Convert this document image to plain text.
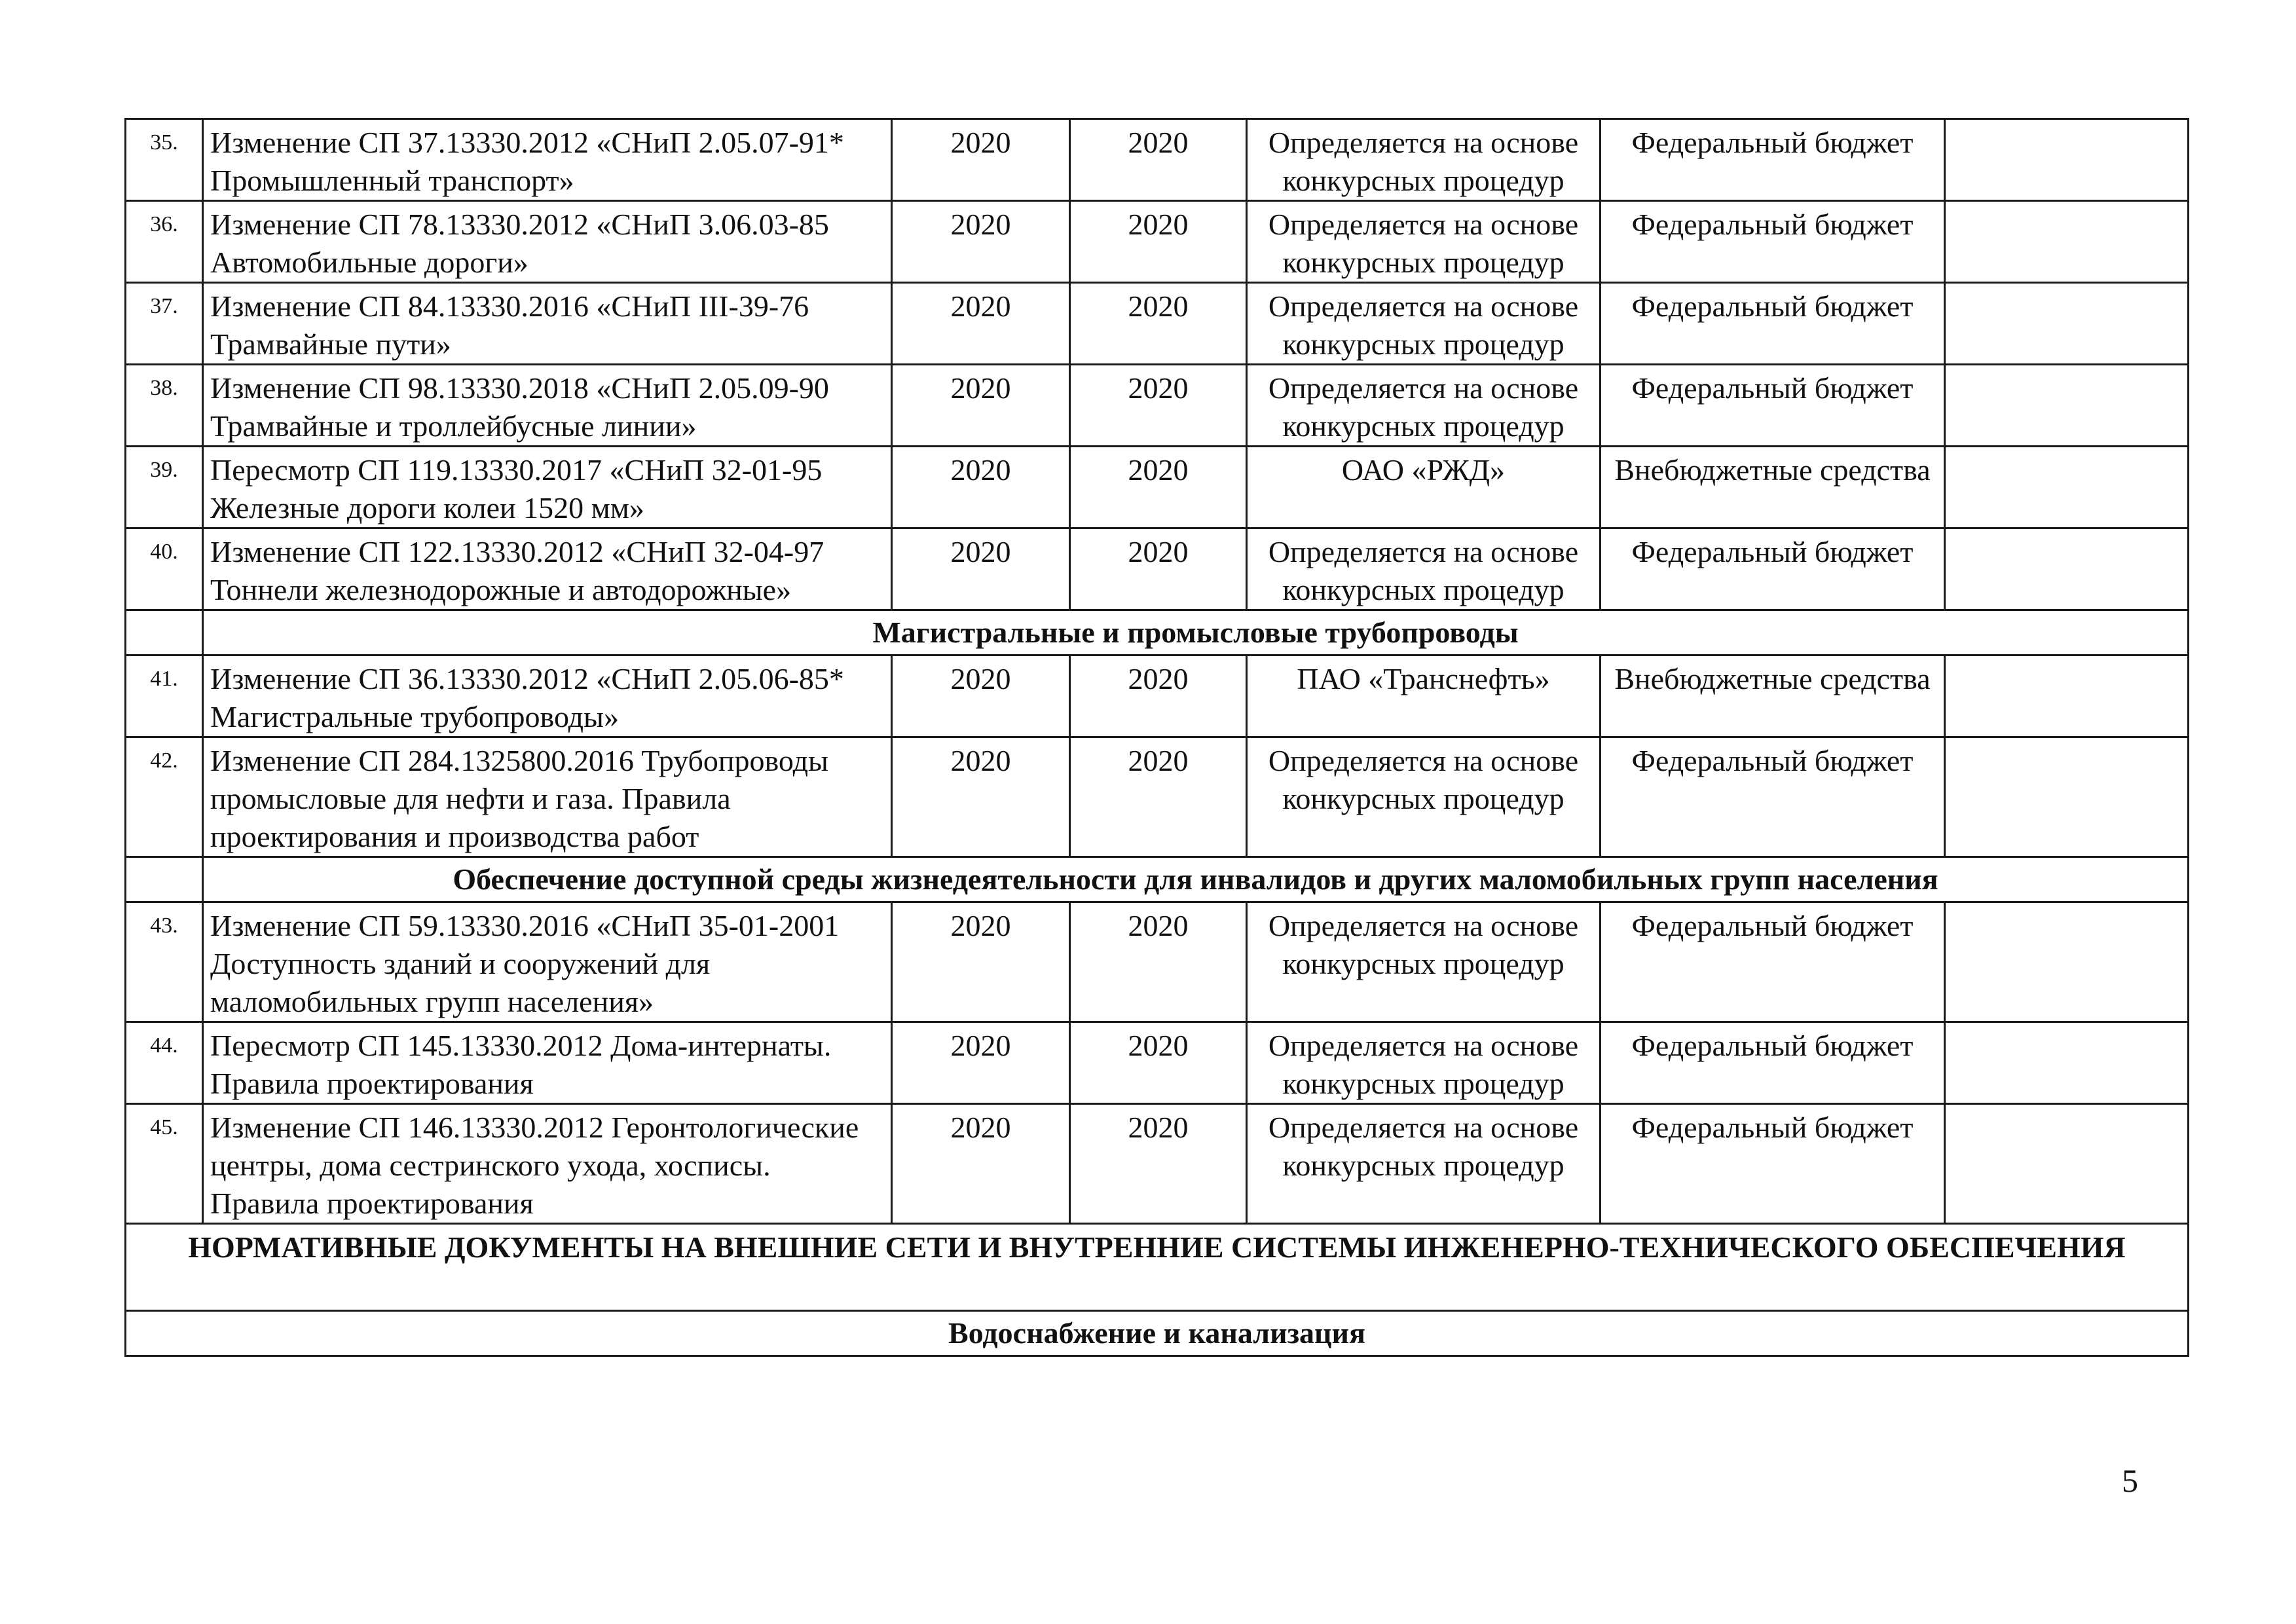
35.	Изменение СП 37.13330.2012 «СНиП 2.05.07-91* Промышленный транспорт»	2020	2020	Определяется на основе конкурсных процедур	Федеральный бюджет	
36.	Изменение СП 78.13330.2012 «СНиП 3.06.03-85 Автомобильные дороги»	2020	2020	Определяется на основе конкурсных процедур	Федеральный бюджет	
37.	Изменение СП 84.13330.2016 «СНиП III-39-76 Трамвайные пути»	2020	2020	Определяется на основе конкурсных процедур	Федеральный бюджет	
38.	Изменение СП 98.13330.2018 «СНиП 2.05.09-90 Трамвайные и троллейбусные линии»	2020	2020	Определяется на основе конкурсных процедур	Федеральный бюджет	
39.	Пересмотр СП 119.13330.2017 «СНиП 32-01-95 Железные дороги колеи 1520 мм»	2020	2020	ОАО «РЖД»	Внебюджетные средства	
40.	Изменение СП 122.13330.2012 «СНиП 32-04-97 Тоннели железнодорожные и автодорожные»	2020	2020	Определяется на основе конкурсных процедур	Федеральный бюджет	
	Магистральные и промысловые трубопроводы					
41.	Изменение СП 36.13330.2012 «СНиП 2.05.06-85* Магистральные трубопроводы»	2020	2020	ПАО «Транснефть»	Внебюджетные средства	
42.	Изменение СП 284.1325800.2016 Трубопроводы промысловые для нефти и газа. Правила проектирования и производства работ	2020	2020	Определяется на основе конкурсных процедур	Федеральный бюджет	
	Обеспечение доступной среды жизнедеятельности для инвалидов и других маломобильных групп населения					
43.	Изменение СП 59.13330.2016 «СНиП 35-01-2001 Доступность зданий и сооружений для маломобильных групп населения»	2020	2020	Определяется на основе конкурсных процедур	Федеральный бюджет	
44.	Пересмотр СП 145.13330.2012 Дома-интернаты. Правила проектирования	2020	2020	Определяется на основе конкурсных процедур	Федеральный бюджет	
45.	Изменение СП 146.13330.2012 Геронтологические центры, дома сестринского ухода, хосписы. Правила проектирования	2020	2020	Определяется на основе конкурсных процедур	Федеральный бюджет	
НОРМАТИВНЫЕ ДОКУМЕНТЫ НА ВНЕШНИЕ СЕТИ И ВНУТРЕННИЕ СИСТЕМЫ ИНЖЕНЕРНО-ТЕХНИЧЕСКОГО ОБЕСПЕЧЕНИЯ						
Водоснабжение и канализация						
5
